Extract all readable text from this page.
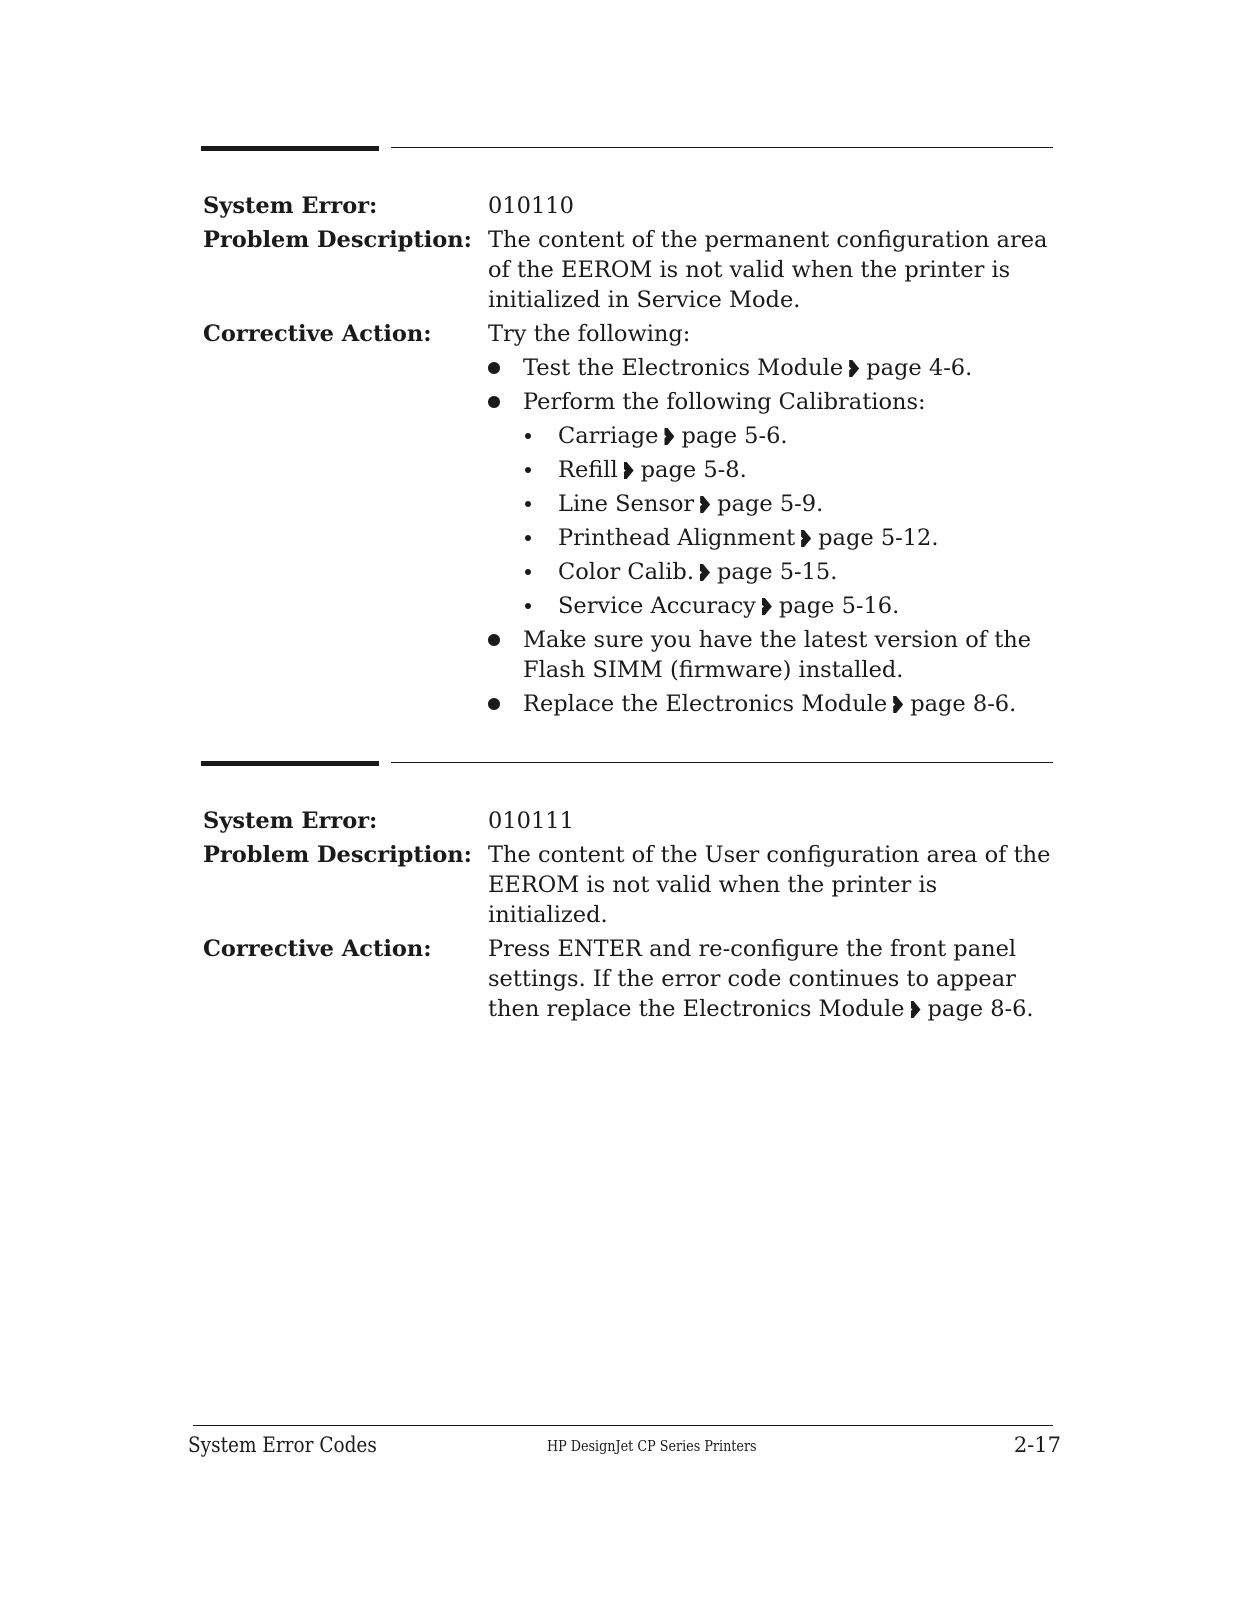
System Error:	010110
Problem Description: The content of the permanent configuration area of the EEROM is not valid when the printer is initialized in Service Mode.
Corrective Action:	Try the following:
Test the Electronics Module page 4-6.
Perform the following Calibrations:
Carriage page 5-6.
Refill page 5-8.
Line Sensor page 5-9.
Printhead Alignment page 5-12.
Color Calib. page 5-15.
Service Accuracy page 5-16.
Make sure you have the latest version of the Flash SIMM (firmware) installed.
Replace the Electronics Module page 8-6.
System Error:	010111
Problem Description: The content of the User configuration area of the EEROM is not valid when the printer is initialized.
Corrective Action:	Press ENTER and re-configure the front panel settings. If the error code continues to appear then replace the Electronics Module page 8-6.
System Error Codes	HP DesignJet CP Series Printers	2-17
